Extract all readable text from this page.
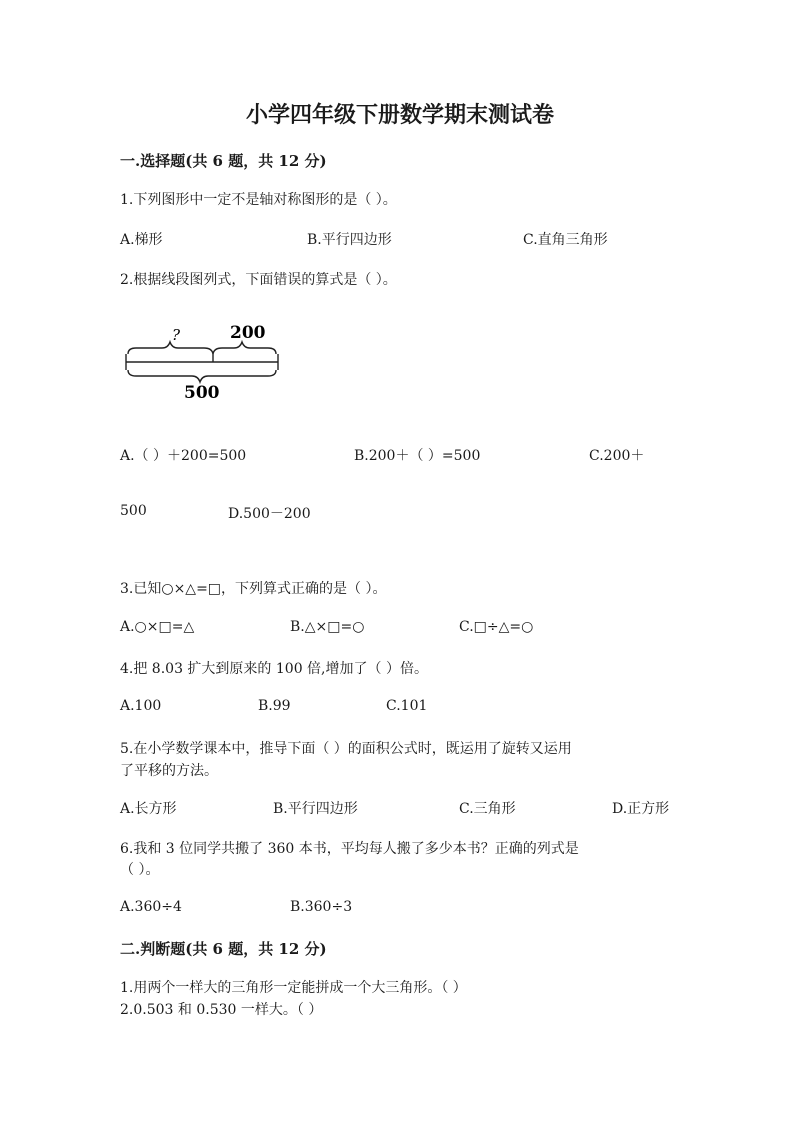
小学四年级下册数学期末测试卷
一.选择题(共 6 题，共 12 分)
1.下列图形中一定不是轴对称图形的是（ ）。
A.梯形	B.平行四边形	C.直角三角形
2.根据线段图列式，下面错误的算式是（ ）。
?	200
500
A.（ ）＋200=500	B.200＋（ ）=500	C.200＋
500	D.500－200
3.已知○×△=□，下列算式正确的是（ ）。
A.○×□=△	B.△×□=○	C.□÷△=○
4.把 8.03 扩大到原来的 100 倍,增加了（ ）倍。
A.100	B.99	C.101
5.在小学数学课本中，推导下面（ ）的面积公式时，既运用了旋转又运用
了平移的方法。
A.长方形	B.平行四边形	C.三角形	D.正方形
6.我和 3 位同学共搬了 360 本书，平均每人搬了多少本书？正确的列式是
（ ）。
A.360÷4	B.360÷3
二.判断题(共 6 题，共 12 分)
1.用两个一样大的三角形一定能拼成一个大三角形。（ ）
2.0.503 和 0.530 一样大。（ ）
